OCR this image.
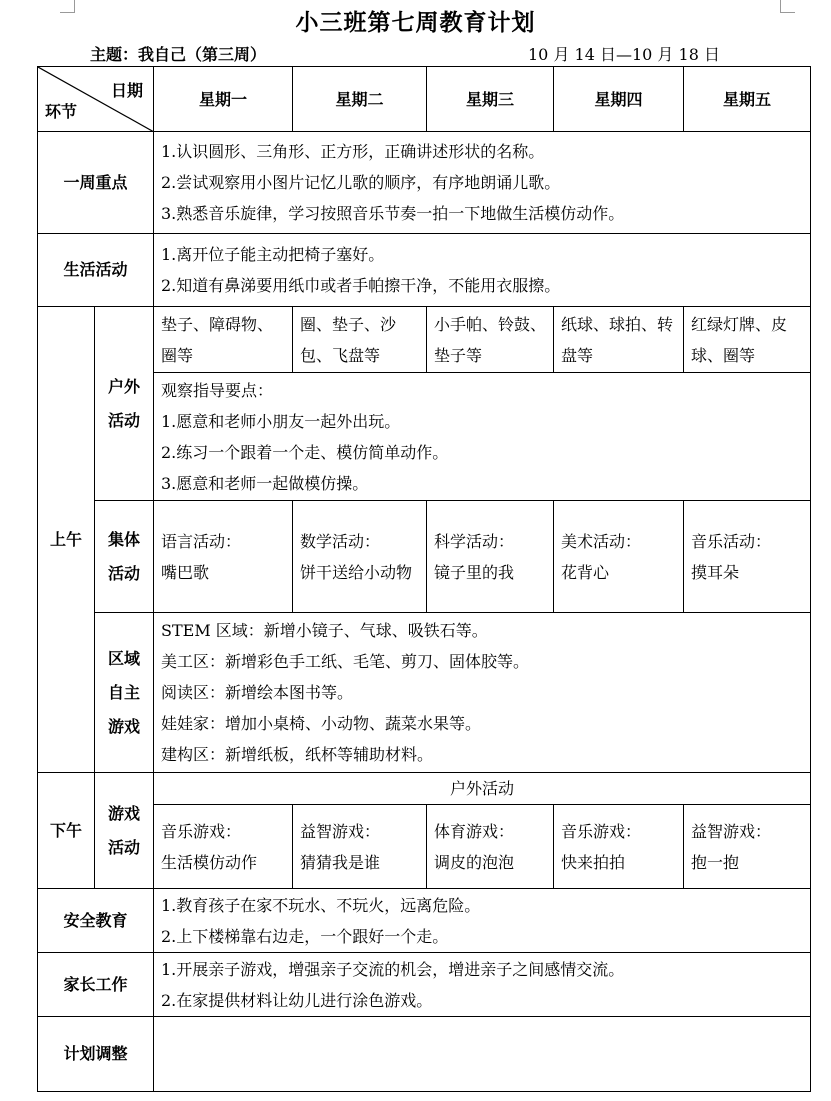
小三班第七周教育计划
主题：我自己（第三周）	10 月 14 日—10 月 18 日
日期
环节		星期一	星期二	星期三	星期四	星期五
一周重点		1.认识圆形、三角形、正方形，正确讲述形状的名称。
2.尝试观察用小图片记忆儿歌的顺序，有序地朗诵儿歌。
3.熟悉音乐旋律，学习按照音乐节奏一拍一下地做生活模仿动作。				

生活活动		1.离开位子能主动把椅子塞好。
2.知道有鼻涕要用纸巾或者手帕擦干净，不能用衣服擦。				

上午	户外
活动	垫子、障碍物、圈等	圈、垫子、沙包、飞盘等	小手帕、铃鼓、垫子等	纸球、球拍、转盘等	红绿灯牌、皮球、圈等

		观察指导要点：
1.愿意和老师小朋友一起外出玩。
2.练习一个跟着一个走、模仿简单动作。
3.愿意和老师一起做模仿操。				

	集体
活动	语言活动：
嘴巴歌	数学活动：
饼干送给小动物	科学活动：
镜子里的我	美术活动：
花背心	音乐活动：
摸耳朵

	区域
自主
游戏	STEM 区域：新增小镜子、气球、吸铁石等。
美工区：新增彩色手工纸、毛笔、剪刀、固体胶等。
阅读区：新增绘本图书等。
娃娃家：增加小桌椅、小动物、蔬菜水果等。
建构区：新增纸板，纸杯等辅助材料。				

下午	游戏
活动	户外活动				

		音乐游戏：
生活模仿动作	益智游戏：
猜猜我是谁	体育游戏：
调皮的泡泡	音乐游戏：
快来拍拍	益智游戏：
抱一抱

安全教育		1.教育孩子在家不玩水、不玩火，远离危险。
2.上下楼梯靠右边走，一个跟好一个走。				

家长工作		1.开展亲子游戏，增强亲子交流的机会，增进亲子之间感情交流。
2.在家提供材料让幼儿进行涂色游戏。				

计划调整						
